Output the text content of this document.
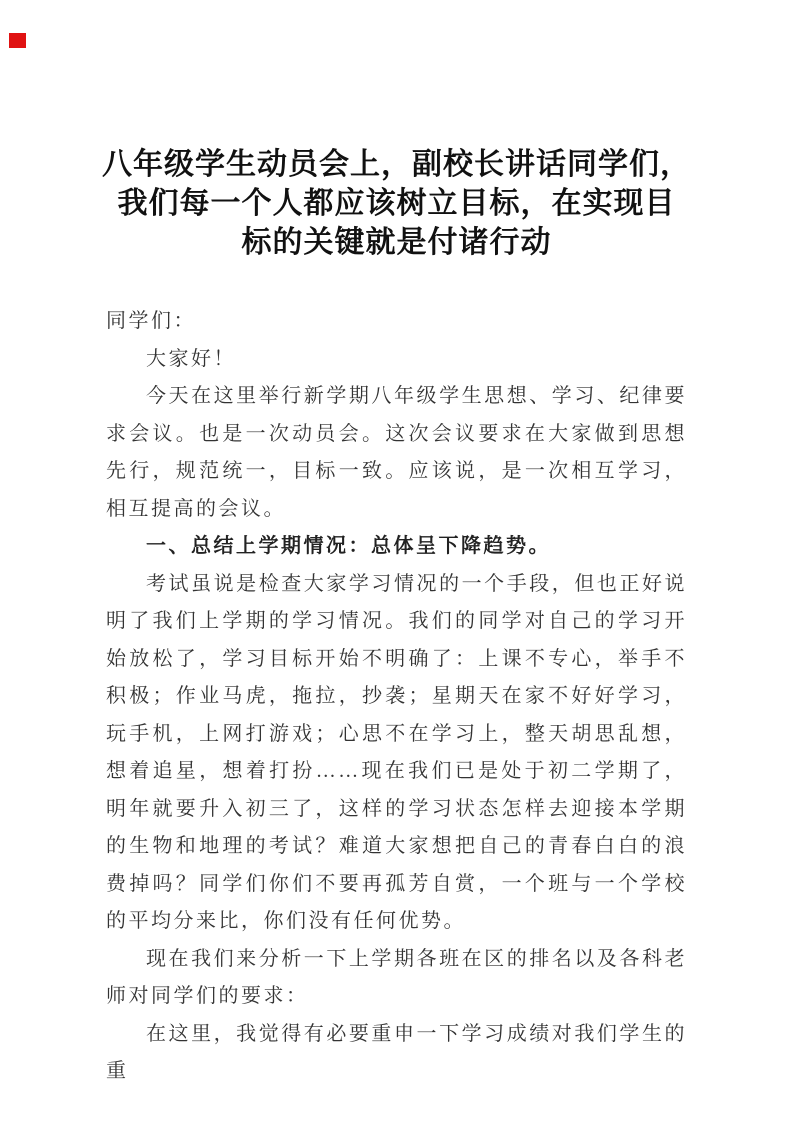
八年级学生动员会上，副校长讲话同学们，
我们每一个人都应该树立目标，在实现目
标的关键就是付诸行动

同学们：

大家好！

今天在这里举行新学期八年级学生思想、学习、纪律要求会议。也是一次动员会。这次会议要求在大家做到思想先行，规范统一，目标一致。应该说，是一次相互学习，相互提高的会议。

一、总结上学期情况：总体呈下降趋势。

考试虽说是检查大家学习情况的一个手段，但也正好说明了我们上学期的学习情况。我们的同学对自己的学习开始放松了，学习目标开始不明确了：上课不专心，举手不积极；作业马虎，拖拉，抄袭；星期天在家不好好学习，玩手机，上网打游戏；心思不在学习上，整天胡思乱想，想着追星，想着打扮……现在我们已是处于初二学期了，明年就要升入初三了，这样的学习状态怎样去迎接本学期的生物和地理的考试？难道大家想把自己的青春白白的浪费掉吗？同学们你们不要再孤芳自赏，一个班与一个学校的平均分来比，你们没有任何优势。

现在我们来分析一下上学期各班在区的排名以及各科老师对同学们的要求：

在这里，我觉得有必要重申一下学习成绩对我们学生的重
